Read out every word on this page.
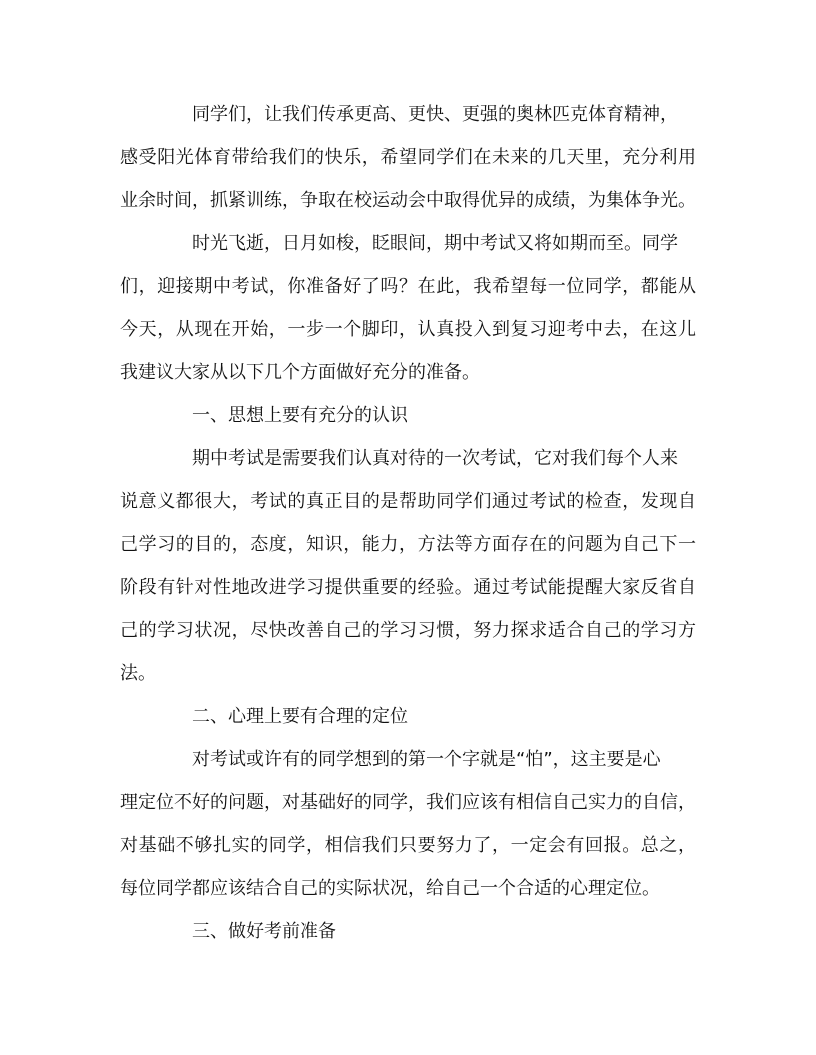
同学们，让我们传承更高、更快、更强的奥林匹克体育精神，

感受阳光体育带给我们的快乐，希望同学们在未来的几天里，充分利用

业余时间，抓紧训练，争取在校运动会中取得优异的成绩，为集体争光。

时光飞逝，日月如梭，眨眼间，期中考试又将如期而至。同学

们，迎接期中考试，你准备好了吗？在此，我希望每一位同学，都能从

今天，从现在开始，一步一个脚印，认真投入到复习迎考中去，在这儿

我建议大家从以下几个方面做好充分的准备。

一、思想上要有充分的认识

期中考试是需要我们认真对待的一次考试，它对我们每个人来

说意义都很大，考试的真正目的是帮助同学们通过考试的检查，发现自

己学习的目的，态度，知识，能力，方法等方面存在的问题为自己下一

阶段有针对性地改进学习提供重要的经验。通过考试能提醒大家反省自

己的学习状况，尽快改善自己的学习习惯，努力探求适合自己的学习方

法。

二、心理上要有合理的定位

对考试或许有的同学想到的第一个字就是“怕”，这主要是心

理定位不好的问题，对基础好的同学，我们应该有相信自己实力的自信，

对基础不够扎实的同学，相信我们只要努力了，一定会有回报。总之，

每位同学都应该结合自己的实际状况，给自己一个合适的心理定位。

三、做好考前准备
